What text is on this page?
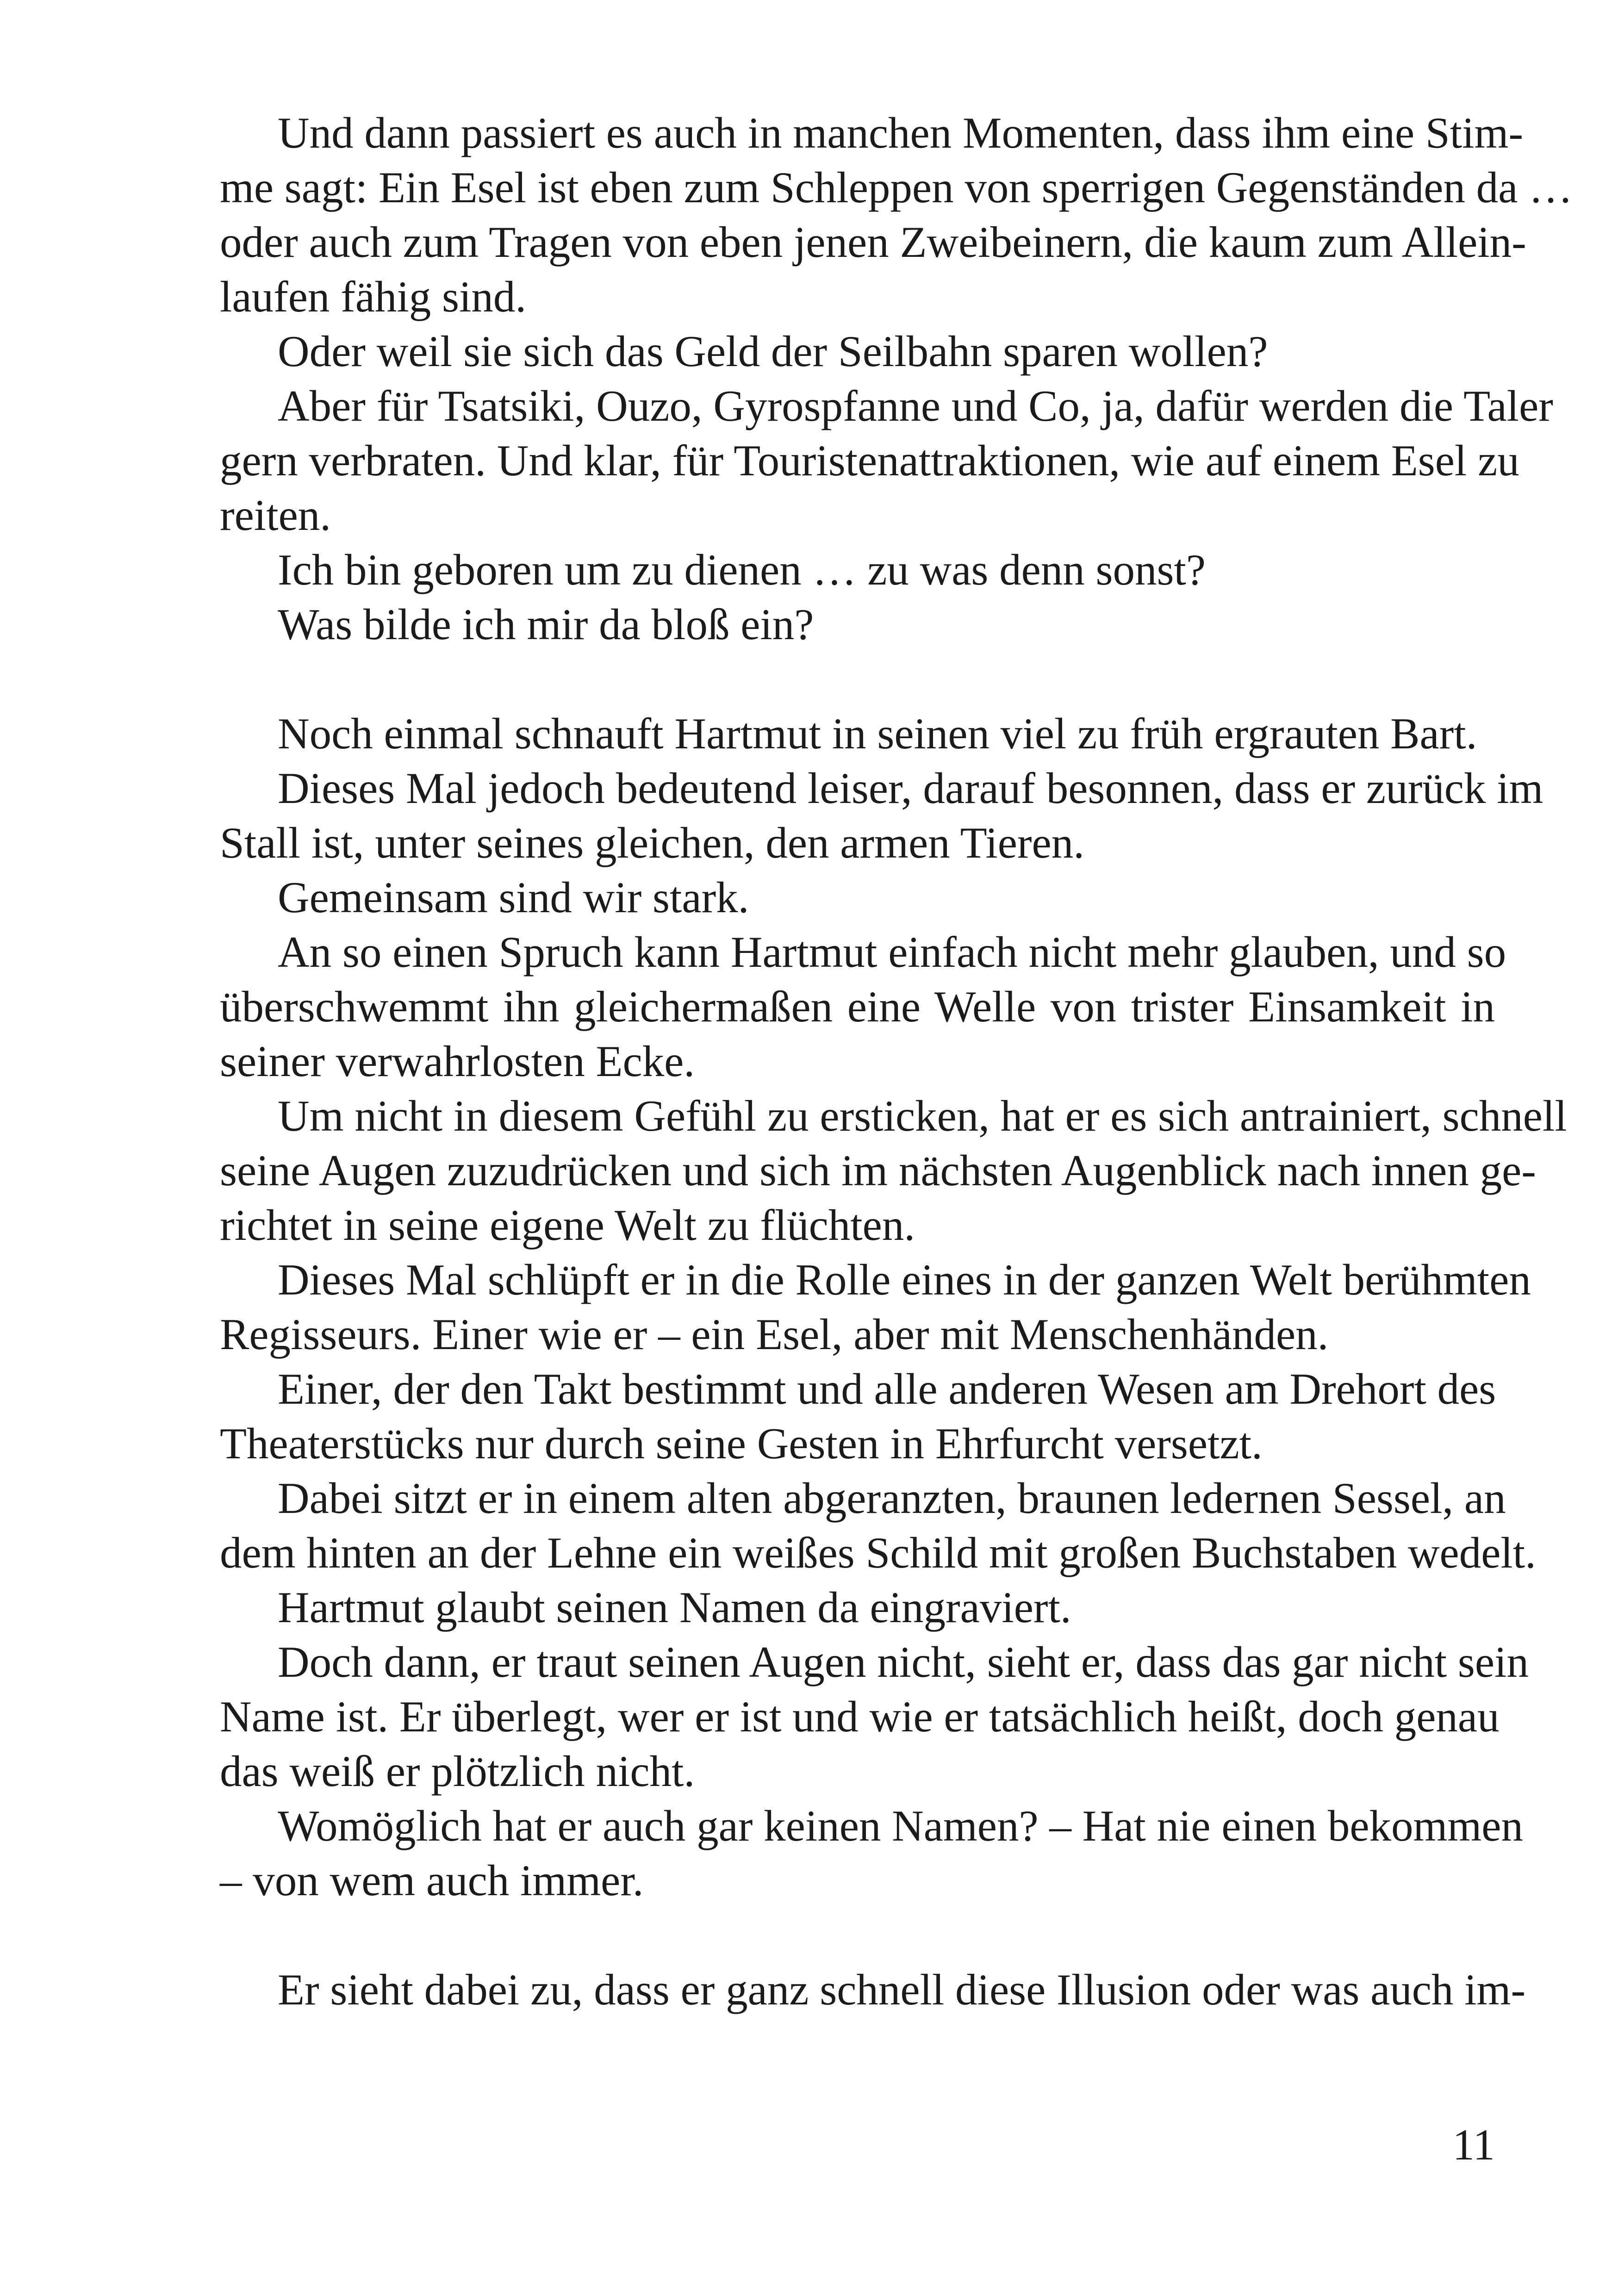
Und dann passiert es auch in manchen Momenten, dass ihm eine Stim-
me sagt: Ein Esel ist eben zum Schleppen von sperrigen Gegenständen da …
oder auch zum Tragen von eben jenen Zweibeinern, die kaum zum Allein-
laufen fähig sind.

Oder weil sie sich das Geld der Seilbahn sparen wollen?

Aber für Tsatsiki, Ouzo, Gyrospfanne und Co, ja, dafür werden die Taler
gern verbraten. Und klar, für Touristenattraktionen, wie auf einem Esel zu
reiten.

Ich bin geboren um zu dienen … zu was denn sonst?

Was bilde ich mir da bloß ein?

Noch einmal schnauft Hartmut in seinen viel zu früh ergrauten Bart.

Dieses Mal jedoch bedeutend leiser, darauf besonnen, dass er zurück im
Stall ist, unter seines gleichen, den armen Tieren.

Gemeinsam sind wir stark.

An so einen Spruch kann Hartmut einfach nicht mehr glauben, und so
überschwemmt ihn gleichermaßen eine Welle von trister Einsamkeit in
seiner verwahrlosten Ecke.

Um nicht in diesem Gefühl zu ersticken, hat er es sich antrainiert, schnell
seine Augen zuzudrücken und sich im nächsten Augenblick nach innen ge-
richtet in seine eigene Welt zu flüchten.

Dieses Mal schlüpft er in die Rolle eines in der ganzen Welt berühmten
Regisseurs. Einer wie er – ein Esel, aber mit Menschenhänden.

Einer, der den Takt bestimmt und alle anderen Wesen am Drehort des
Theaterstücks nur durch seine Gesten in Ehrfurcht versetzt.

Dabei sitzt er in einem alten abgeranzten, braunen ledernen Sessel, an
dem hinten an der Lehne ein weißes Schild mit großen Buchstaben wedelt.

Hartmut glaubt seinen Namen da eingraviert.

Doch dann, er traut seinen Augen nicht, sieht er, dass das gar nicht sein
Name ist. Er überlegt, wer er ist und wie er tatsächlich heißt, doch genau
das weiß er plötzlich nicht.

Womöglich hat er auch gar keinen Namen? – Hat nie einen bekommen
– von wem auch immer.

Er sieht dabei zu, dass er ganz schnell diese Illusion oder was auch im-

11
